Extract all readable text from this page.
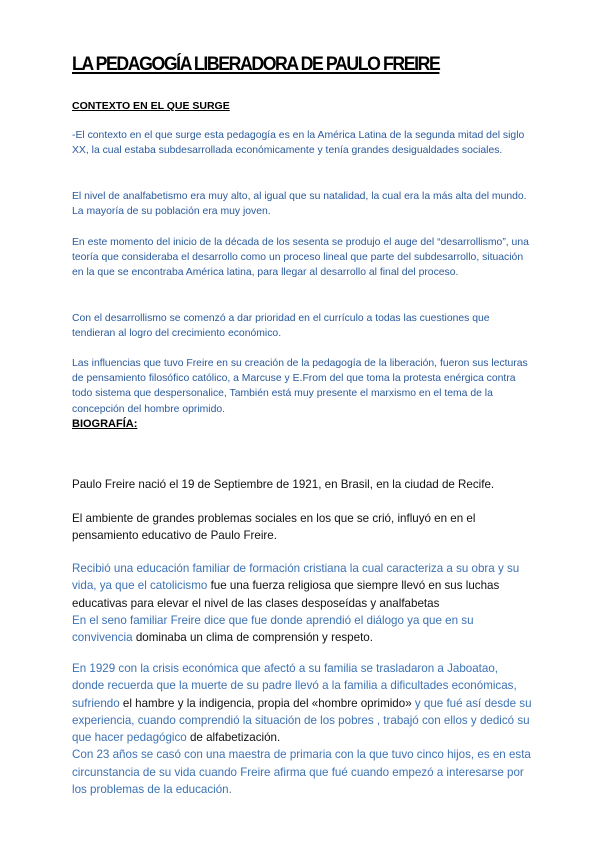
LA PEDAGOGÍA LIBERADORA DE PAULO FREIRE
CONTEXTO EN EL QUE SURGE

-El contexto en el que surge esta pedagogía es en la América Latina de la segunda mitad del siglo XX, la cual estaba subdesarrollada económicamente y tenía grandes desigualdades sociales.

El nivel de analfabetismo era muy alto, al igual que su natalidad, la cual era la más alta del mundo. La mayoría de su población era muy joven.

En este momento del inicio de la década de los sesenta se produjo el auge del “desarrollismo”, una teoría que consideraba el desarrollo como un proceso lineal que parte del subdesarrollo, situación en la que se encontraba América latina, para llegar al desarrollo al final del proceso.

Con el desarrollismo se comenzó a dar prioridad en el currículo a todas las cuestiones que tendieran al logro del crecimiento económico.

Las influencias que tuvo Freire en su creación de la pedagogía de la liberación, fueron sus lecturas de pensamiento filosófico católico, a Marcuse y E.From del que toma la protesta enérgica contra todo sistema que despersonalice, También está muy presente el marxismo en el tema de la concepción del hombre oprimido.

BIOGRAFÍA:

Paulo Freire nació el 19 de Septiembre de 1921, en Brasil, en la ciudad de Recife.

El ambiente de grandes problemas sociales en los que se crió, influyó en en el pensamiento educativo de Paulo Freire.

Recibió una educación familiar de formación cristiana la cual caracteriza a su obra y su vida, ya que el catolicismo fue una fuerza religiosa que siempre llevó en sus luchas educativas para elevar el nivel de las clases desposeídas y analfabetas
En el seno familiar Freire dice que fue donde aprendió el diálogo ya que en su convivencia dominaba un clima de comprensión y respeto.

En 1929 con la crisis económica que afectó a su familia se trasladaron a Jaboatao, donde recuerda que la muerte de su padre llevó a la familia a dificultades económicas, sufriendo el hambre y la indigencia, propia del «hombre oprimido» y que fué así desde su experiencia, cuando comprendió la situación de los pobres , trabajó con ellos y dedicó su que hacer pedagógico de alfabetización.
Con 23 años se casó con una maestra de primaria con la que tuvo cinco hijos, es en esta circunstancia de su vida cuando Freire afirma que fué cuando empezó a interesarse por los problemas de la educación.
